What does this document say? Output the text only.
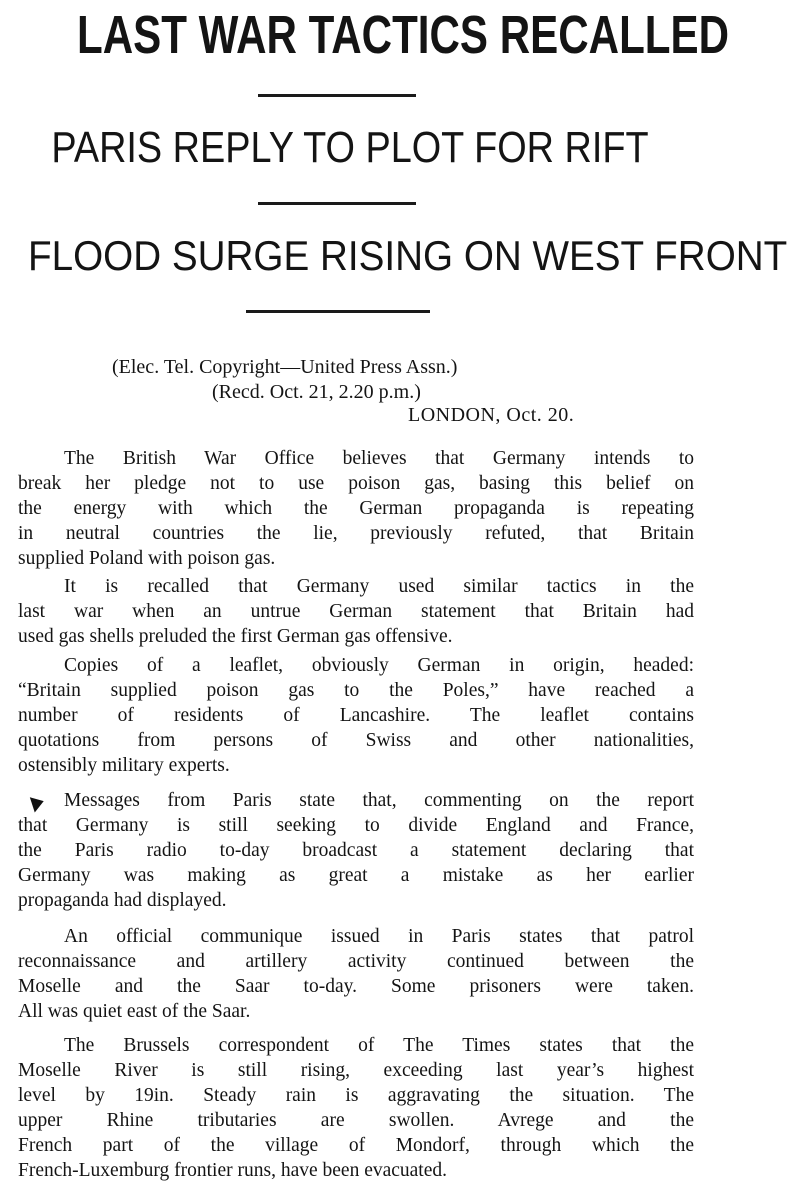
LAST WAR TACTICS RECALLED
PARIS REPLY TO PLOT FOR RIFT
FLOOD SURGE RISING ON WEST FRONT
(Elec. Tel. Copyright—United Press Assn.)
(Recd. Oct. 21, 2.20 p.m.)
LONDON, Oct. 20.
The British War Office believes that Germany intends to
break her pledge not to use poison gas, basing this belief on
the energy with which the German propaganda is repeating
in neutral countries the lie, previously refuted, that Britain
supplied Poland with poison gas.
It is recalled that Germany used similar tactics in the
last war when an untrue German statement that Britain had
used gas shells preluded the first German gas offensive.
Copies of a leaflet, obviously German in origin, headed:
“Britain supplied poison gas to the Poles,” have reached a
number of residents of Lancashire. The leaflet contains
quotations from persons of Swiss and other nationalities,
ostensibly military experts.
Messages from Paris state that, commenting on the report
that Germany is still seeking to divide England and France,
the Paris radio to-day broadcast a statement declaring that
Germany was making as great a mistake as her earlier
propaganda had displayed.
An official communique issued in Paris states that patrol
reconnaissance and artillery activity continued between the
Moselle and the Saar to-day. Some prisoners were taken.
All was quiet east of the Saar.
The Brussels correspondent of The Times states that the
Moselle River is still rising, exceeding last year’s highest
level by 19in. Steady rain is aggravating the situation. The
upper Rhine tributaries are swollen. Avrege and the
French part of the village of Mondorf, through which the
French-Luxemburg frontier runs, have been evacuated.
